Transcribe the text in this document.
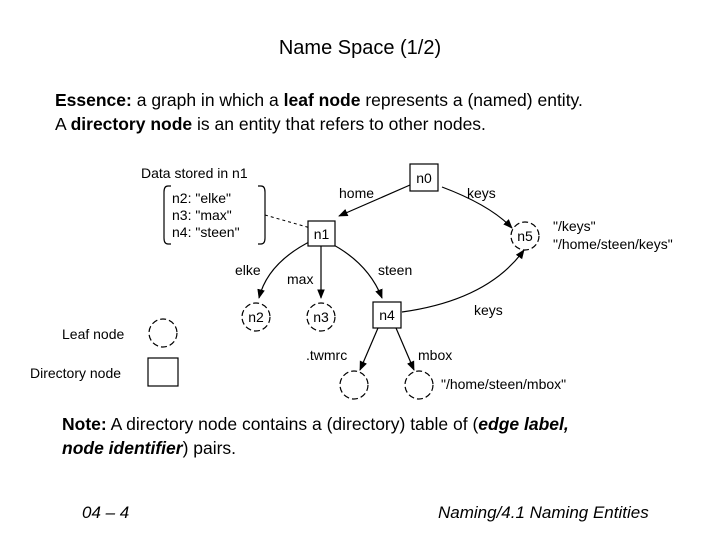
Name Space (1/2)
Essence: a graph in which a leaf node represents a (named) entity.
A directory node is an entity that refers to other nodes.
Data stored in n1
n2: "elke"
n3: "max"
n4: "steen"
home	keys
elke
max
steen
keys
.twmrc	mbox
n0
n1
n4
n2	n3
n5
"/keys"
"/home/steen/keys"
"/home/steen/mbox"
Leaf node
Directory node
Note: A directory node contains a (directory) table of (edge label,
node identifier) pairs.
04 – 4	Naming/4.1 Naming Entities
